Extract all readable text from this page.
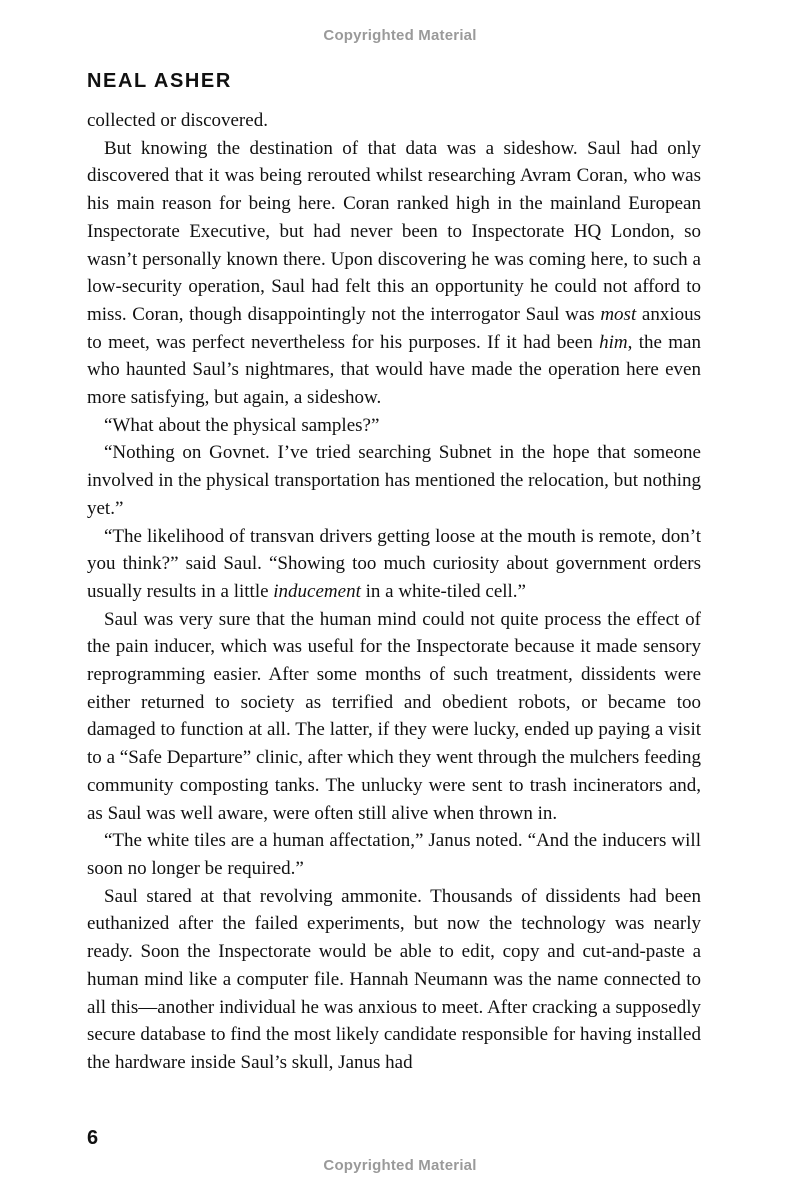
Copyrighted Material
NEAL ASHER

collected or discovered.

But knowing the destination of that data was a sideshow. Saul had only discovered that it was being rerouted whilst researching Avram Coran, who was his main reason for being here. Coran ranked high in the mainland European Inspectorate Executive, but had never been to Inspectorate HQ London, so wasn’t personally known there. Upon discovering he was coming here, to such a low-security operation, Saul had felt this an opportunity he could not afford to miss. Coran, though disappointingly not the interrogator Saul was most anxious to meet, was perfect nevertheless for his purposes. If it had been him, the man who haunted Saul’s nightmares, that would have made the operation here even more satisfying, but again, a sideshow.

“What about the physical samples?”

“Nothing on Govnet. I’ve tried searching Subnet in the hope that someone involved in the physical transportation has mentioned the relocation, but nothing yet.”

“The likelihood of transvan drivers getting loose at the mouth is remote, don’t you think?” said Saul. “Showing too much curiosity about government orders usually results in a little inducement in a white-tiled cell.”

Saul was very sure that the human mind could not quite process the effect of the pain inducer, which was useful for the Inspectorate because it made sensory reprogramming easier. After some months of such treatment, dissidents were either returned to society as terrified and obedient robots, or became too damaged to function at all. The latter, if they were lucky, ended up paying a visit to a “Safe Departure” clinic, after which they went through the mulchers feeding community composting tanks. The unlucky were sent to trash incinerators and, as Saul was well aware, were often still alive when thrown in.

“The white tiles are a human affectation,” Janus noted. “And the inducers will soon no longer be required.”

Saul stared at that revolving ammonite. Thousands of dissidents had been euthanized after the failed experiments, but now the technology was nearly ready. Soon the Inspectorate would be able to edit, copy and cut-and-paste a human mind like a computer file. Hannah Neumann was the name connected to all this—another individual he was anxious to meet. After cracking a supposedly secure database to find the most likely candidate responsible for having installed the hardware inside Saul’s skull, Janus had

6
Copyrighted Material
